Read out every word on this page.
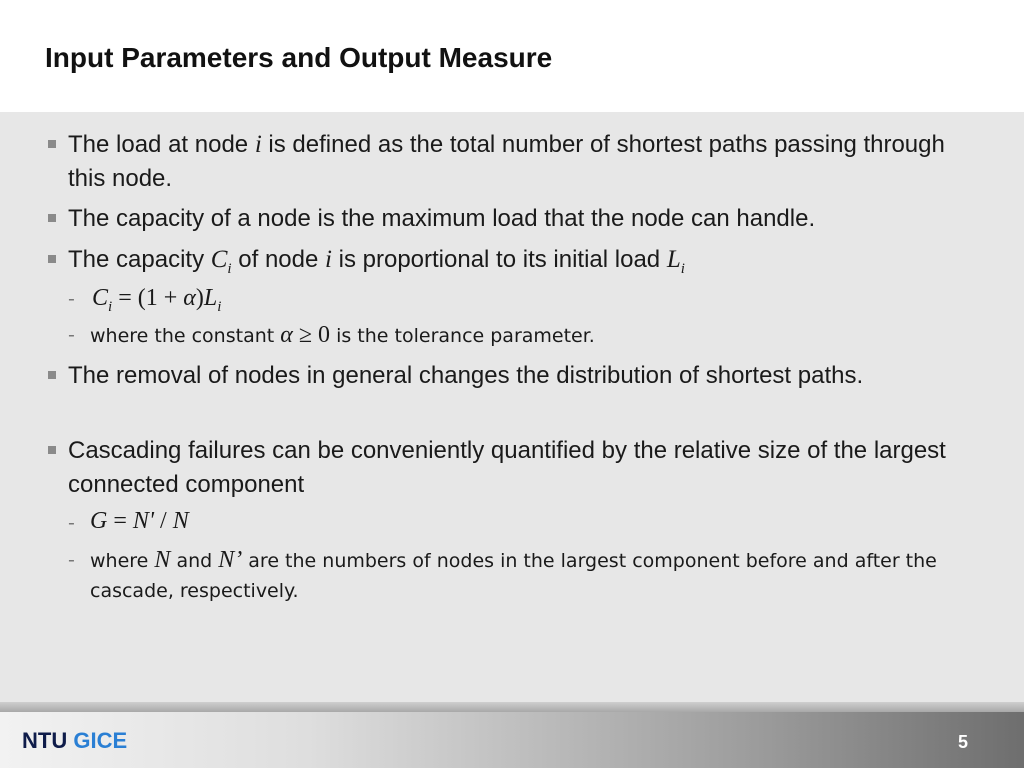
Input Parameters and Output Measure
The load at node i is defined as the total number of shortest paths passing through this node.
The capacity of a node is the maximum load that the node can handle.
The capacity $C_i$ of node i is proportional to its initial load $L_i$
- $C_i = (1 + \alpha)L_i$
- where the constant α ≥ 0 is the tolerance parameter.
The removal of nodes in general changes the distribution of shortest paths.
Cascading failures can be conveniently quantified by the relative size of the largest connected component
- G = N' / N
- where N and N’ are the numbers of nodes in the largest component before and after the cascade, respectively.
NTU GICE	5
